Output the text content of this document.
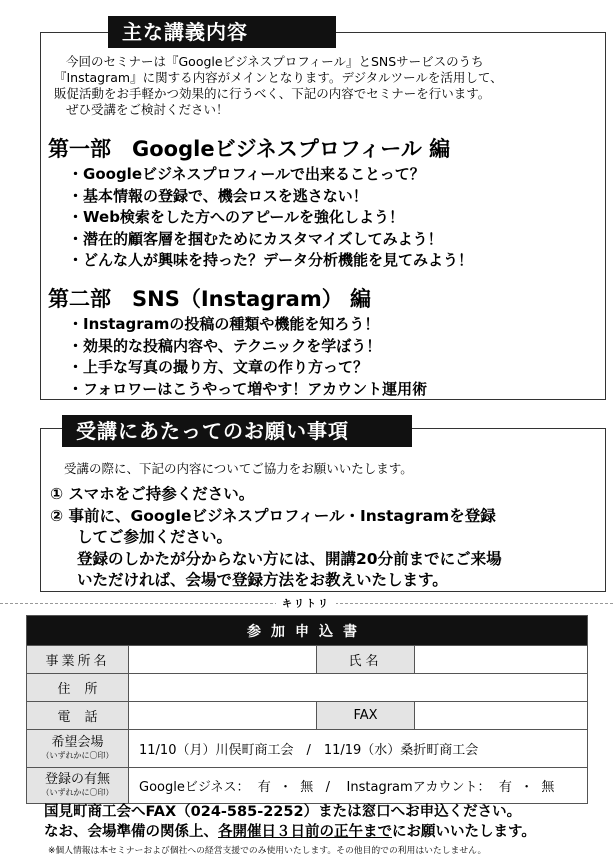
主な講義内容
今回のセミナーは『Googleビジネスプロフィール』とSNSサービスのうち
『Instagram』に関する内容がメインとなります。デジタルツールを活用して、
販促活動をお手軽かつ効果的に行うべく、下記の内容でセミナーを行います。
ぜひ受講をご検討ください！
第一部　Googleビジネスプロフィール 編
・ Googleビジネスプロフィールで出来ることって？
・ 基本情報の登録で、機会ロスを逃さない！
・ Web検索をした方へのアピールを強化しよう！
・ 潜在的顧客層を掴むためにカスタマイズしてみよう！
・ どんな人が興味を持った？データ分析機能を見てみよう！
第二部　SNS（Instagram） 編
・ Instagramの投稿の種類や機能を知ろう！
・ 効果的な投稿内容や、テクニックを学ぼう！
・ 上手な写真の撮り方、文章の作り方って？
・ フォロワーはこうやって増やす！アカウント運用術
受講にあたってのお願い事項
受講の際に、下記の内容についてご協力をお願いいたします。
① スマホをご持参ください。
② 事前に、Googleビジネスプロフィール・Instagramを登録
してご参加ください。
登録のしかたが分からない方には、開講20分前までにご来場
いただければ、会場で登録方法をお教えいたします。
キリトリ
参加申込書			
事業所名		氏名	
住所			
電話		FAX	

希望会場
（いずれかに〇印）	11/10（月）川俣町商工会　/　11/19（水）桑折町商工会		

登録の有無
（いずれかに〇印）	Googleビジネス：  有  ・  無   /    Instagramアカウント：  有  ・  無		
国見町商工会へFAX（024-585-2252）または窓口へお申込ください。
なお、会場準備の関係上、各開催日３日前の正午までにお願いいたします。
※個人情報は本セミナーおよび個社への経営支援でのみ使用いたします。その他目的での利用はいたしません。
